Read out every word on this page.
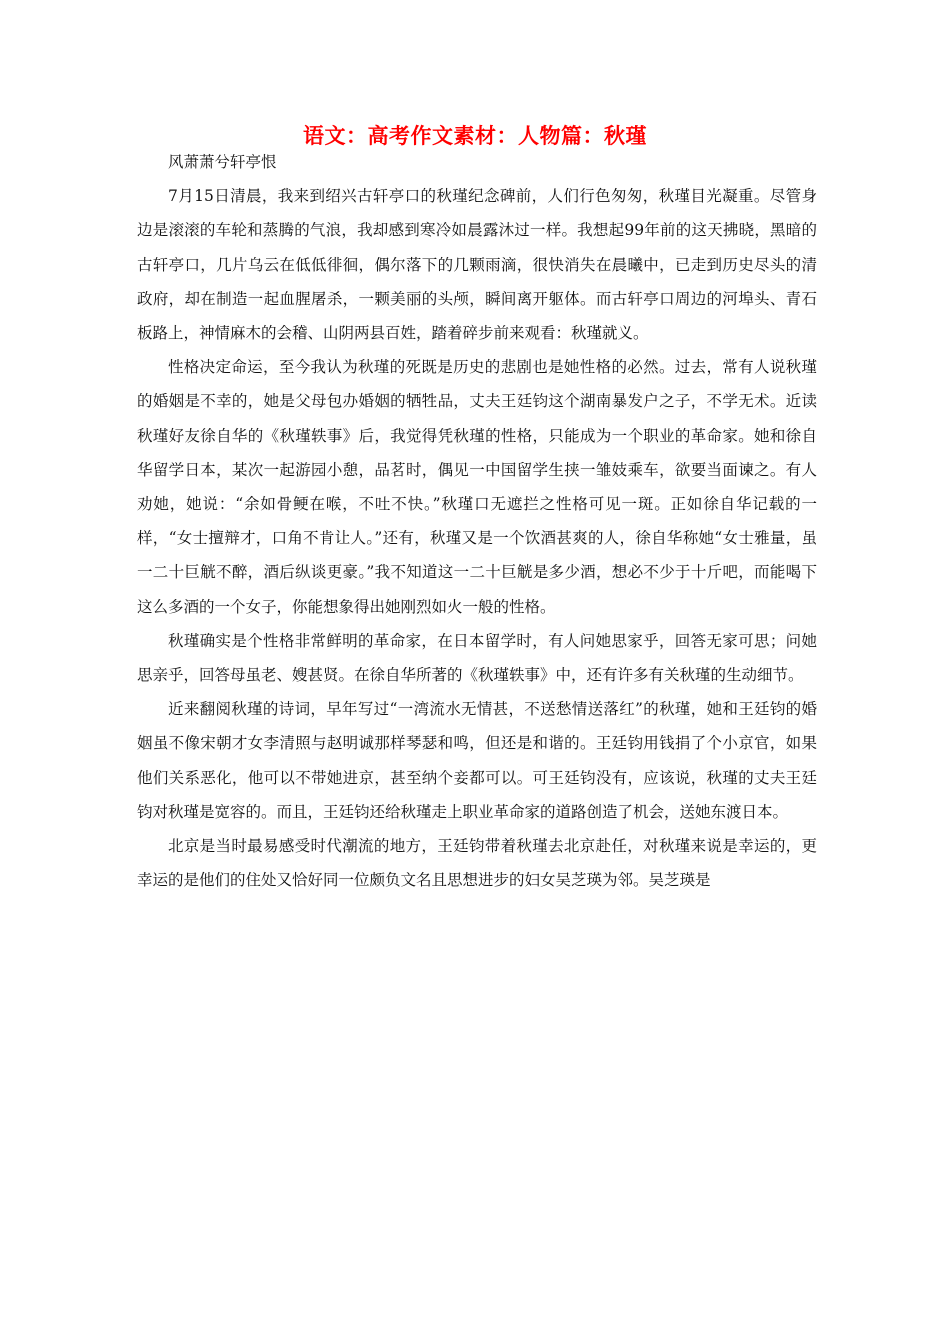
语文：高考作文素材：人物篇：秋瑾

风萧萧兮轩亭恨

7月15日清晨，我来到绍兴古轩亭口的秋瑾纪念碑前，人们行色匆匆，秋瑾目光凝重。尽管身边是滚滚的车轮和蒸腾的气浪，我却感到寒冷如晨露沐过一样。我想起99年前的这天拂晓，黑暗的古轩亭口，几片乌云在低低徘徊，偶尔落下的几颗雨滴，很快消失在晨曦中，已走到历史尽头的清政府，却在制造一起血腥屠杀，一颗美丽的头颅，瞬间离开躯体。而古轩亭口周边的河埠头、青石板路上，神情麻木的会稽、山阴两县百姓，踏着碎步前来观看：秋瑾就义。

性格决定命运，至今我认为秋瑾的死既是历史的悲剧也是她性格的必然。过去，常有人说秋瑾的婚姻是不幸的，她是父母包办婚姻的牺牲品，丈夫王廷钧这个湖南暴发户之子，不学无术。近读秋瑾好友徐自华的《秋瑾轶事》后，我觉得凭秋瑾的性格，只能成为一个职业的革命家。她和徐自华留学日本，某次一起游园小憩，品茗时，偶见一中国留学生挟一雏妓乘车，欲要当面谏之。有人劝她，她说：“余如骨鲠在喉，不吐不快。”秋瑾口无遮拦之性格可见一斑。正如徐自华记载的一样，“女士擅辩才，口角不肯让人。”还有，秋瑾又是一个饮酒甚爽的人，徐自华称她“女士雅量，虽一二十巨觥不醉，酒后纵谈更豪。”我不知道这一二十巨觥是多少酒，想必不少于十斤吧，而能喝下这么多酒的一个女子，你能想象得出她刚烈如火一般的性格。

秋瑾确实是个性格非常鲜明的革命家，在日本留学时，有人问她思家乎，回答无家可思；问她思亲乎，回答母虽老、嫂甚贤。在徐自华所著的《秋瑾轶事》中，还有许多有关秋瑾的生动细节。

近来翻阅秋瑾的诗词，早年写过“一湾流水无情甚，不送愁情送落红”的秋瑾，她和王廷钧的婚姻虽不像宋朝才女李清照与赵明诚那样琴瑟和鸣，但还是和谐的。王廷钧用钱捐了个小京官，如果他们关系恶化，他可以不带她进京，甚至纳个妾都可以。可王廷钧没有，应该说，秋瑾的丈夫王廷钧对秋瑾是宽容的。而且，王廷钧还给秋瑾走上职业革命家的道路创造了机会，送她东渡日本。

北京是当时最易感受时代潮流的地方，王廷钧带着秋瑾去北京赴任，对秋瑾来说是幸运的，更幸运的是他们的住处又恰好同一位颇负文名且思想进步的妇女吴芝瑛为邻。吴芝瑛是
